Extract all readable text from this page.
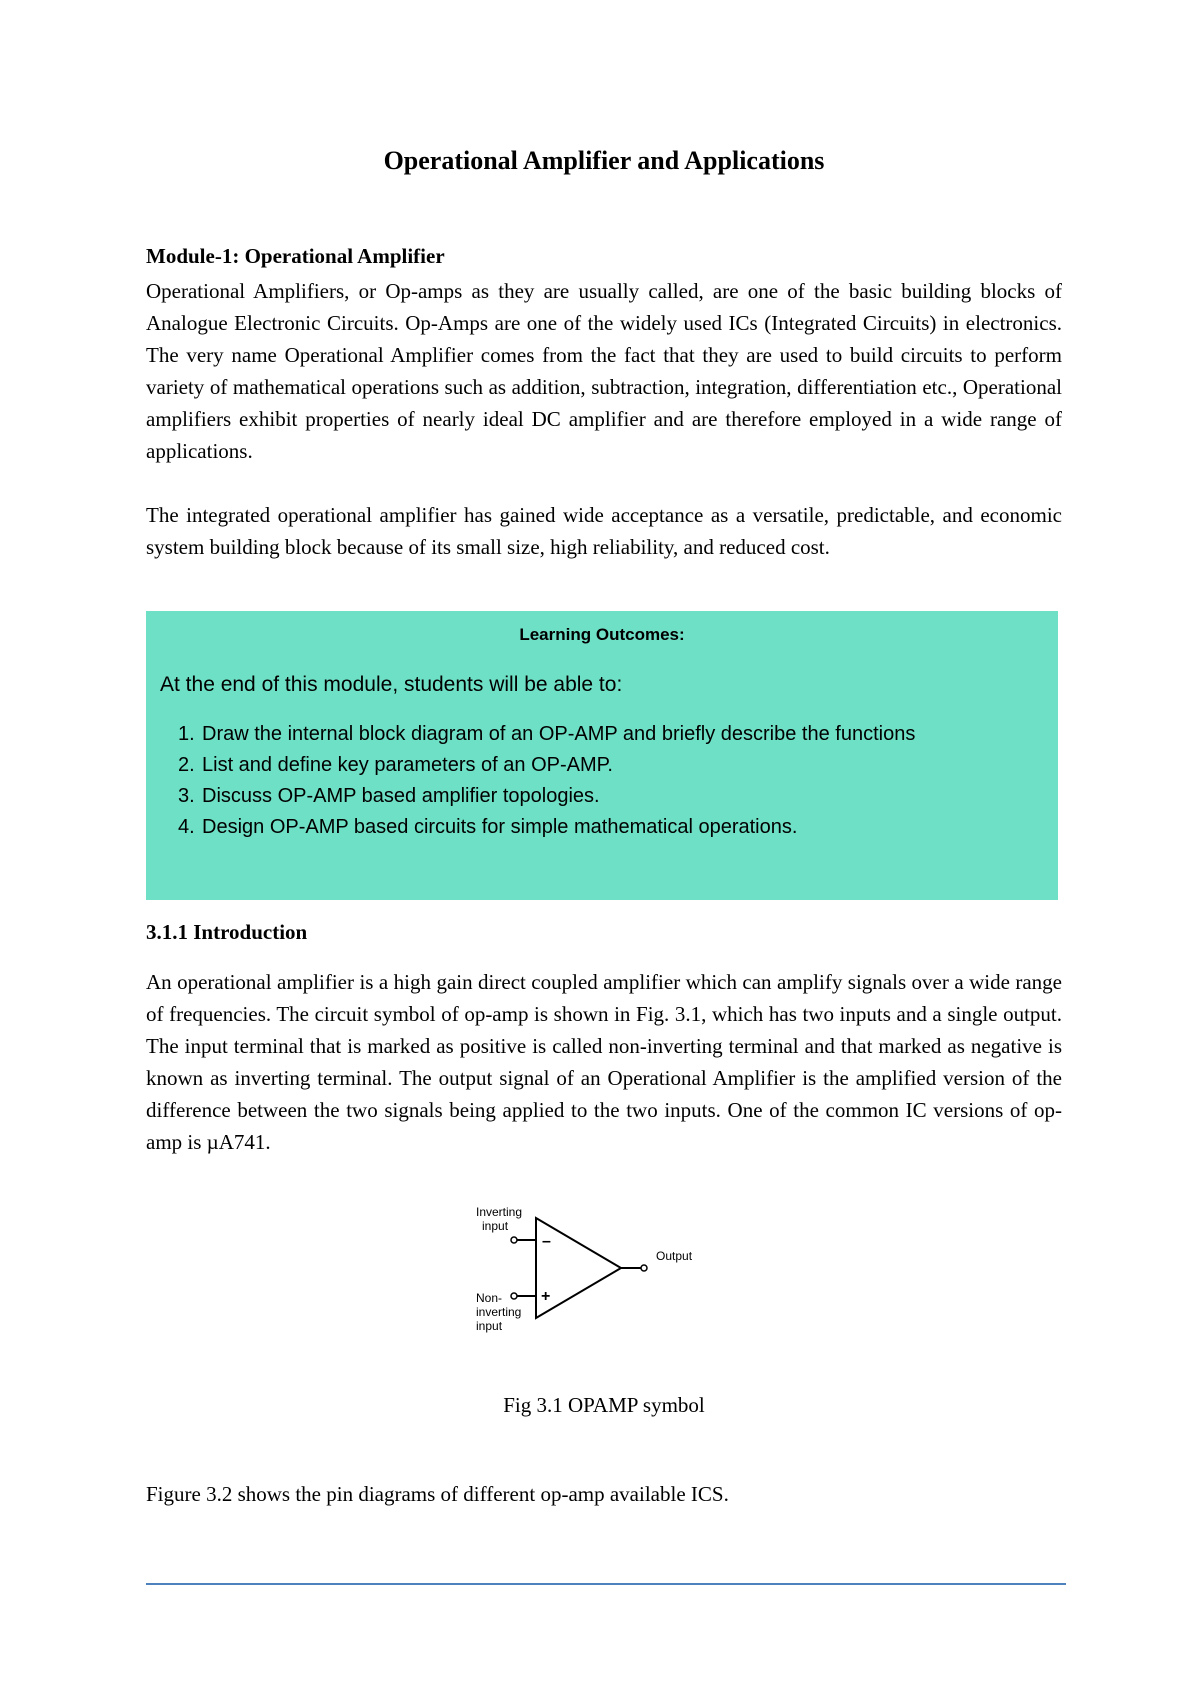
Operational Amplifier and Applications
Module-1: Operational Amplifier

Operational Amplifiers, or Op-amps as they are usually called, are one of the basic building blocks of Analogue Electronic Circuits. Op-Amps are one of the widely used ICs (Integrated Circuits) in electronics. The very name Operational Amplifier comes from the fact that they are used to build circuits to perform variety of mathematical operations such as addition, subtraction, integration, differentiation etc., Operational amplifiers exhibit properties of nearly ideal DC amplifier and are therefore employed in a wide range of applications.

The integrated operational amplifier has gained wide acceptance as a versatile, predictable, and economic system building block because of its small size, high reliability, and reduced cost.

Learning Outcomes:

At the end of this module, students will be able to:

1. Draw the internal block diagram of an OP-AMP and briefly describe the functions
2. List and define key parameters of an OP-AMP.
3. Discuss OP-AMP based amplifier topologies.
4. Design OP-AMP based circuits for simple mathematical operations.
3.1.1 Introduction

An operational amplifier is a high gain direct coupled amplifier which can amplify signals over a wide range of frequencies. The circuit symbol of op-amp is shown in Fig. 3.1, which has two inputs and a single output. The input terminal that is marked as positive is called non-inverting terminal and that marked as negative is known as inverting terminal. The output signal of an Operational Amplifier is the amplified version of the difference between the two signals being applied to the two inputs. One of the common IC versions of op-amp is µA741.

Inverting
input
Non-
inverting
input
Output
–
+

Fig 3.1 OPAMP symbol

Figure 3.2 shows the pin diagrams of different op-amp available ICS.
